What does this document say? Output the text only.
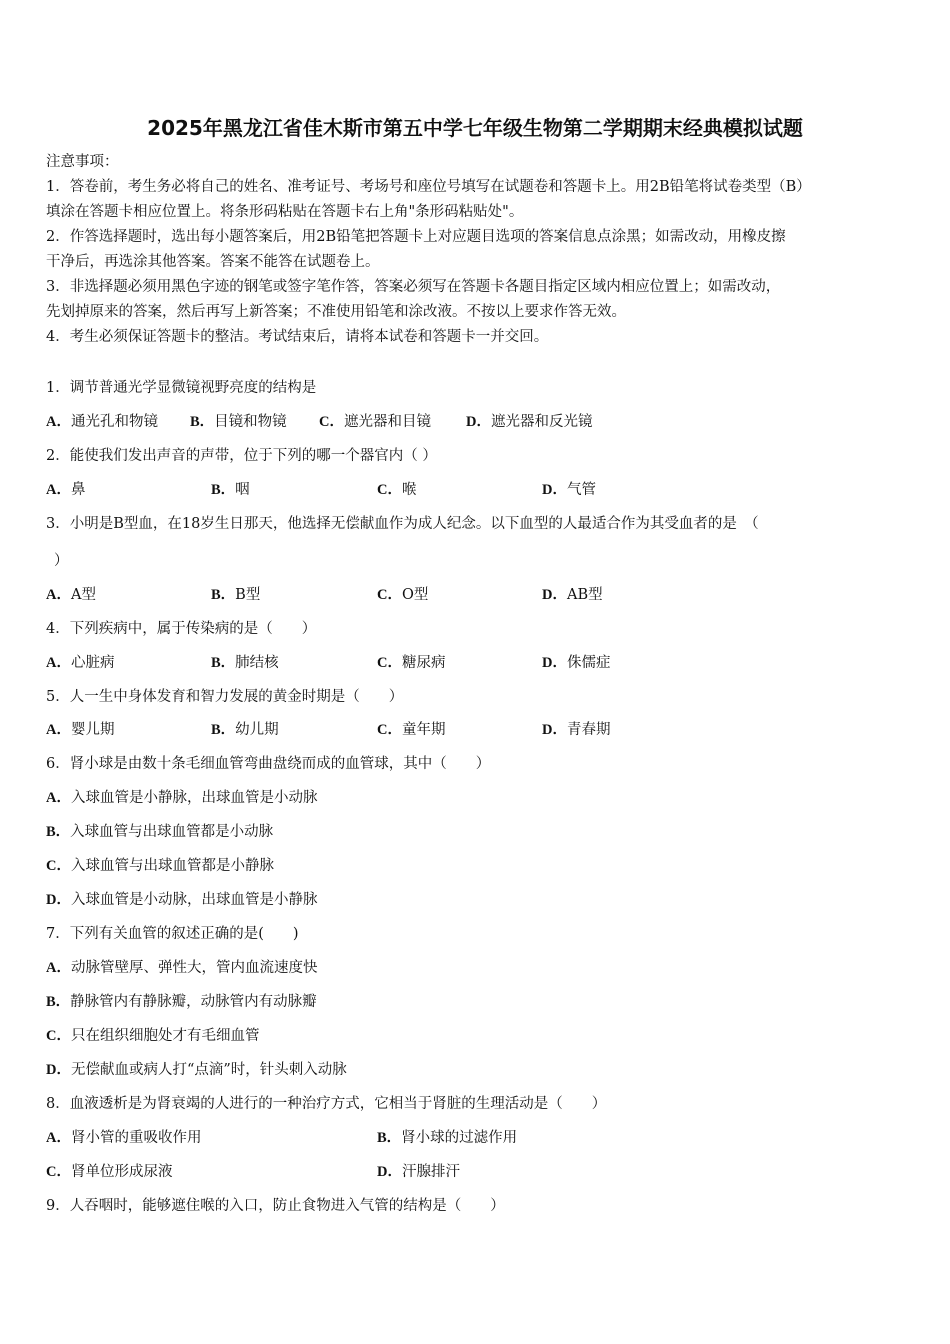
2025年黑龙江省佳木斯市第五中学七年级生物第二学期期末经典模拟试题

注意事项：

1．答卷前，考生务必将自己的姓名、准考证号、考场号和座位号填写在试题卷和答题卡上。用2B铅笔将试卷类型（B）

填涂在答题卡相应位置上。将条形码粘贴在答题卡右上角"条形码粘贴处"。

2．作答选择题时，选出每小题答案后，用2B铅笔把答题卡上对应题目选项的答案信息点涂黑；如需改动，用橡皮擦

干净后，再选涂其他答案。答案不能答在试题卷上。

3．非选择题必须用黑色字迹的钢笔或签字笔作答，答案必须写在答题卡各题目指定区域内相应位置上；如需改动，

先划掉原来的答案，然后再写上新答案；不准使用铅笔和涂改液。不按以上要求作答无效。

4．考生必须保证答题卡的整洁。考试结束后，请将本试卷和答题卡一并交回。

1．调节普通光学显微镜视野亮度的结构是
A．通光孔和物镜 B．目镜和物镜 C．遮光器和目镜 D．遮光器和反光镜
2．能使我们发出声音的声带，位于下列的哪一个器官内（ ）
A．鼻	B．咽	C．喉	D．气管
3．小明是B型血，在18岁生日那天，他选择无偿献血作为成人纪念。以下血型的人最适合作为其受血者的是　（
）
A．A型	B．B型	C．O型	D．AB型
4．下列疾病中，属于传染病的是（　　）
A．心脏病	B．肺结核	C．糖尿病	D．侏儒症
5．人一生中身体发育和智力发展的黄金时期是（　　）
A．婴儿期	B．幼儿期	C．童年期	D．青春期
6．肾小球是由数十条毛细血管弯曲盘绕而成的血管球，其中（　　）
A．入球血管是小静脉，出球血管是小动脉
B．入球血管与出球血管都是小动脉
C．入球血管与出球血管都是小静脉
D．入球血管是小动脉，出球血管是小静脉
7．下列有关血管的叙述正确的是(　　)
A．动脉管壁厚、弹性大，管内血流速度快
B．静脉管内有静脉瓣，动脉管内有动脉瓣
C．只在组织细胞处才有毛细血管
D．无偿献血或病人打“点滴”时，针头刺入动脉
8．血液透析是为肾衰竭的人进行的一种治疗方式，它相当于肾脏的生理活动是（　　）
A．肾小管的重吸收作用	B．肾小球的过滤作用
C．肾单位形成尿液	D．汗腺排汗
9．人吞咽时，能够遮住喉的入口，防止食物进入气管的结构是（　　）
